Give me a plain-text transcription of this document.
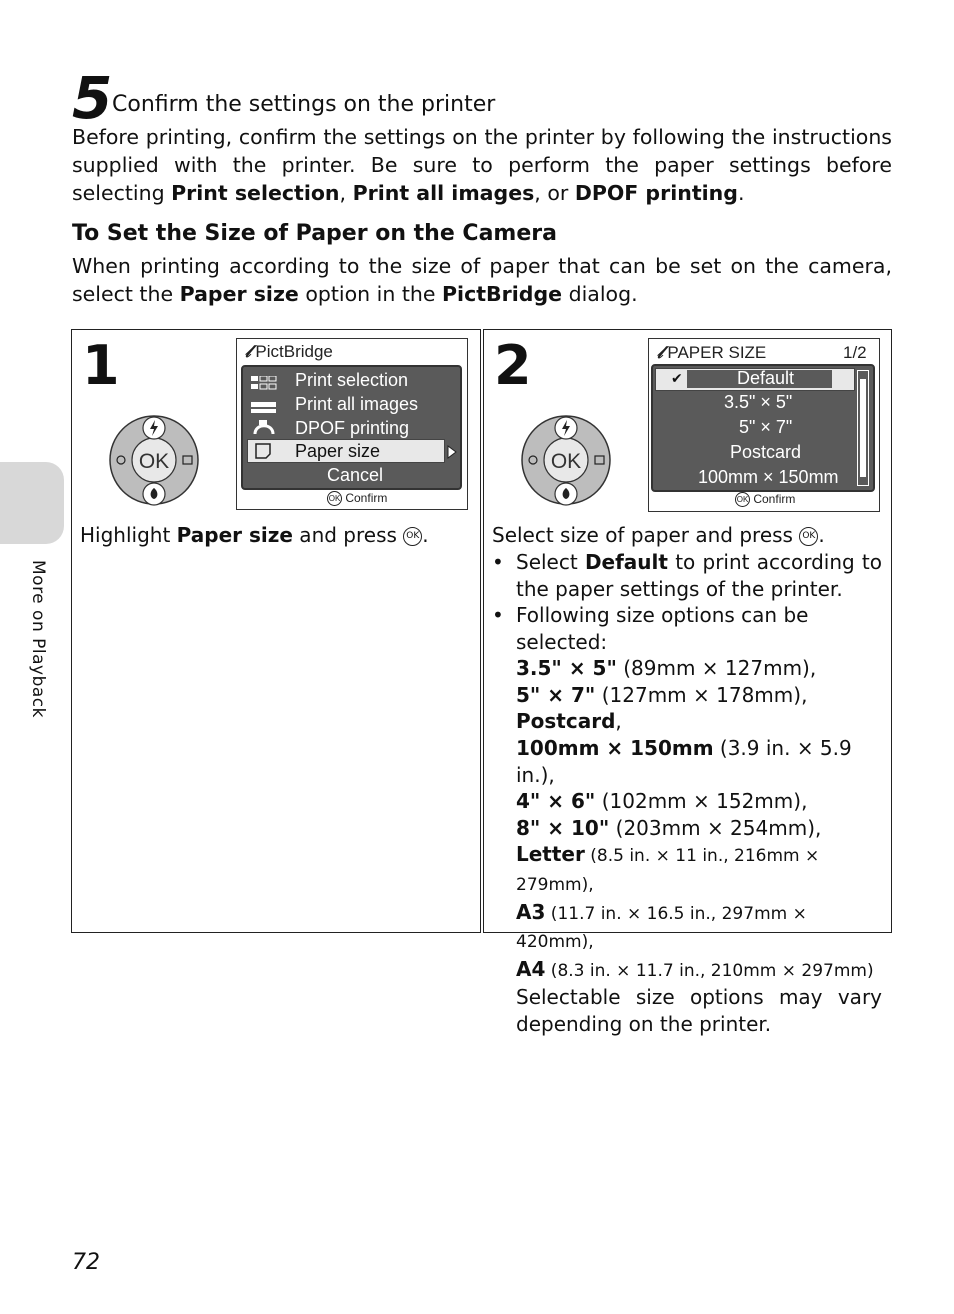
5 Confirm the settings on the printer

Before printing, confirm the settings on the printer by following the instructions supplied with the printer. Be sure to perform the paper settings before selecting Print selection, Print all images, or DPOF printing.

To Set the Size of Paper on the Camera

When printing according to the size of paper that can be set on the camera, select the Paper size option in the PictBridge dialog.

1
OK
𝓁 PictBridge
Print selection
Print all images
DPOF printing
Paper size
Cancel
OK Confirm
Highlight Paper size and press OK .
2
OK
𝓁 PAPER SIZE	1/2
✔	Default
3.5" × 5"
5" × 7"
Postcard
100mm × 150mm
OK Confirm
Select size of paper and press OK .
• Select Default to print according to the paper settings of the printer.
• Following size options can be selected:
3.5" × 5" (89mm × 127mm),
5" × 7" (127mm × 178mm),
Postcard,
100mm × 150mm (3.9 in. × 5.9 in.),
4" × 6" (102mm × 152mm),
8" × 10" (203mm × 254mm),
Letter (8.5 in. × 11 in., 216mm × 279mm),
A3 (11.7 in. × 16.5 in., 297mm × 420mm),
A4 (8.3 in. × 11.7 in., 210mm × 297mm)
Selectable size options may vary depending on the printer.
More on Playback
72
